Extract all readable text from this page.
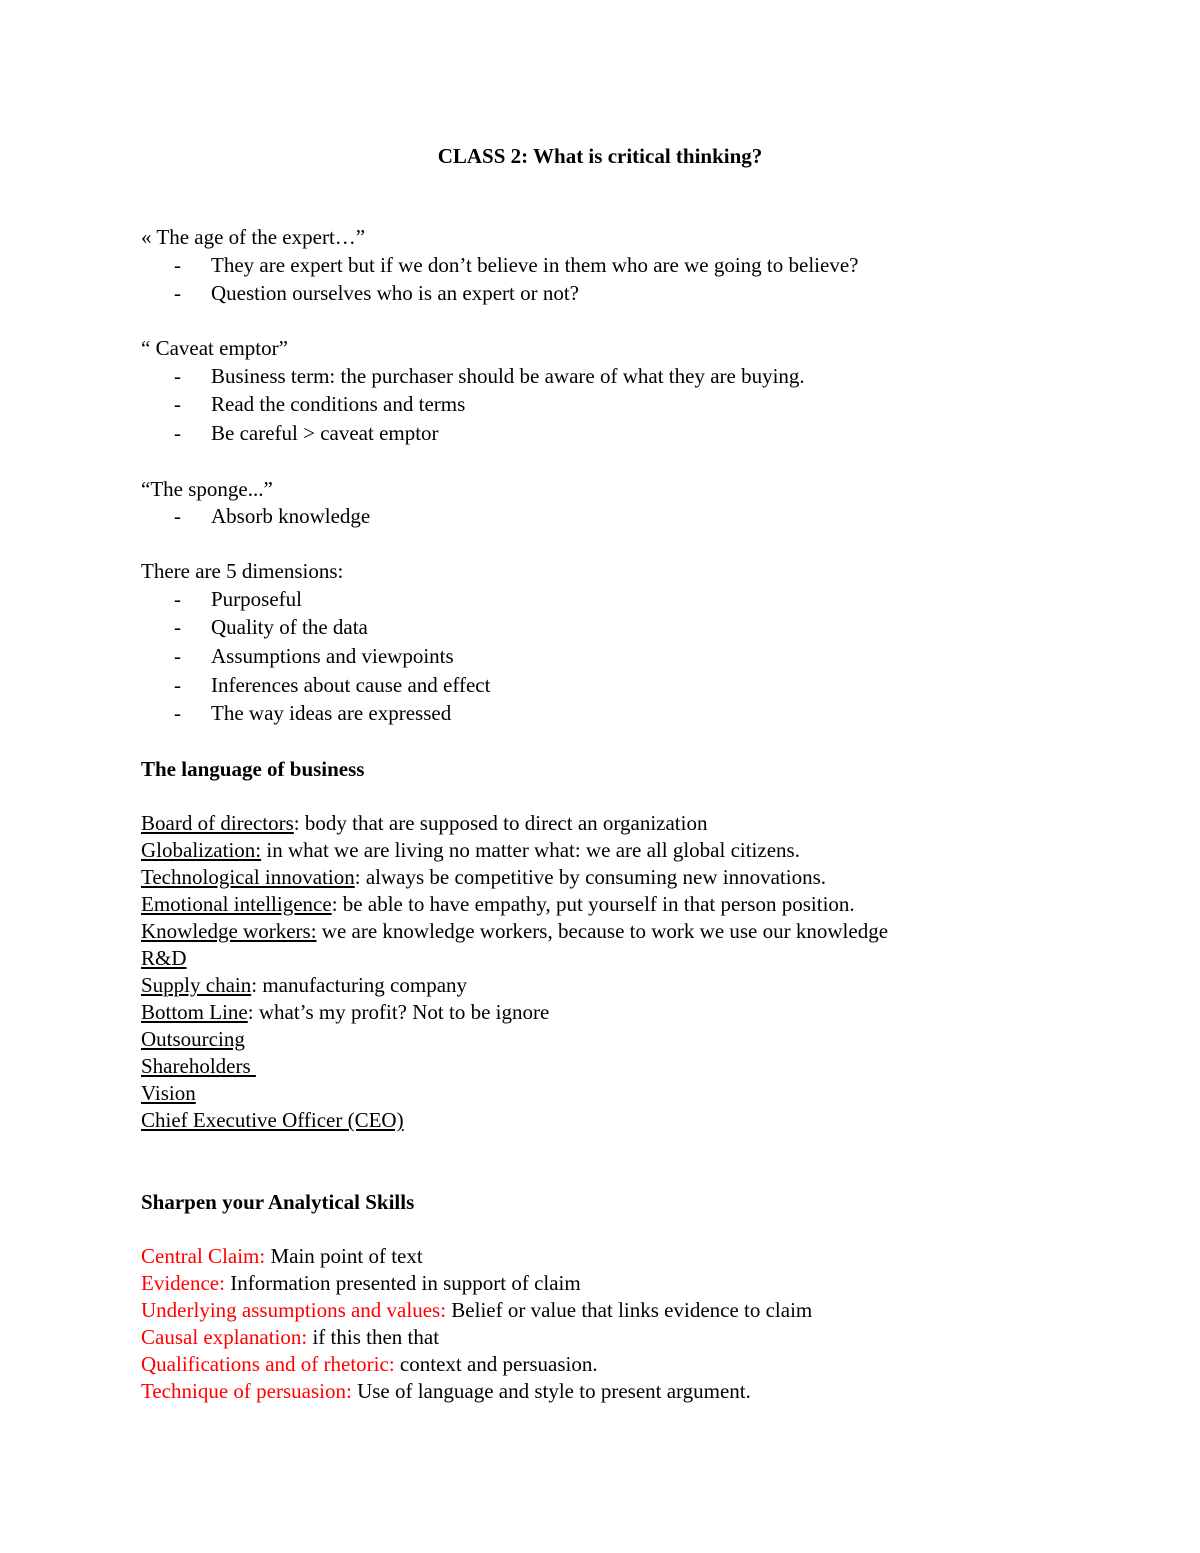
CLASS 2: What is critical thinking?
« The age of the expert…”
- They are expert but if we don’t believe in them who are we going to believe?
- Question ourselves who is an expert or not?
“ Caveat emptor”
- Business term: the purchaser should be aware of what they are buying.
- Read the conditions and terms
- Be careful > caveat emptor
“The sponge...”
- Absorb knowledge
There are 5 dimensions:
- Purposeful
- Quality of the data
- Assumptions and viewpoints
- Inferences about cause and effect
- The way ideas are expressed
The language of business
Board of directors: body that are supposed to direct an organization
Globalization: in what we are living no matter what: we are all global citizens.
Technological innovation: always be competitive by consuming new innovations.
Emotional intelligence: be able to have empathy, put yourself in that person position.
Knowledge workers: we are knowledge workers, because to work we use our knowledge
R&D
Supply chain: manufacturing company
Bottom Line: what’s my profit? Not to be ignore
Outsourcing
Shareholders
Vision
Chief Executive Officer (CEO)
Sharpen your Analytical Skills
Central Claim: Main point of text
Evidence: Information presented in support of claim
Underlying assumptions and values: Belief or value that links evidence to claim
Causal explanation: if this then that
Qualifications and of rhetoric: context and persuasion.
Technique of persuasion: Use of language and style to present argument.
